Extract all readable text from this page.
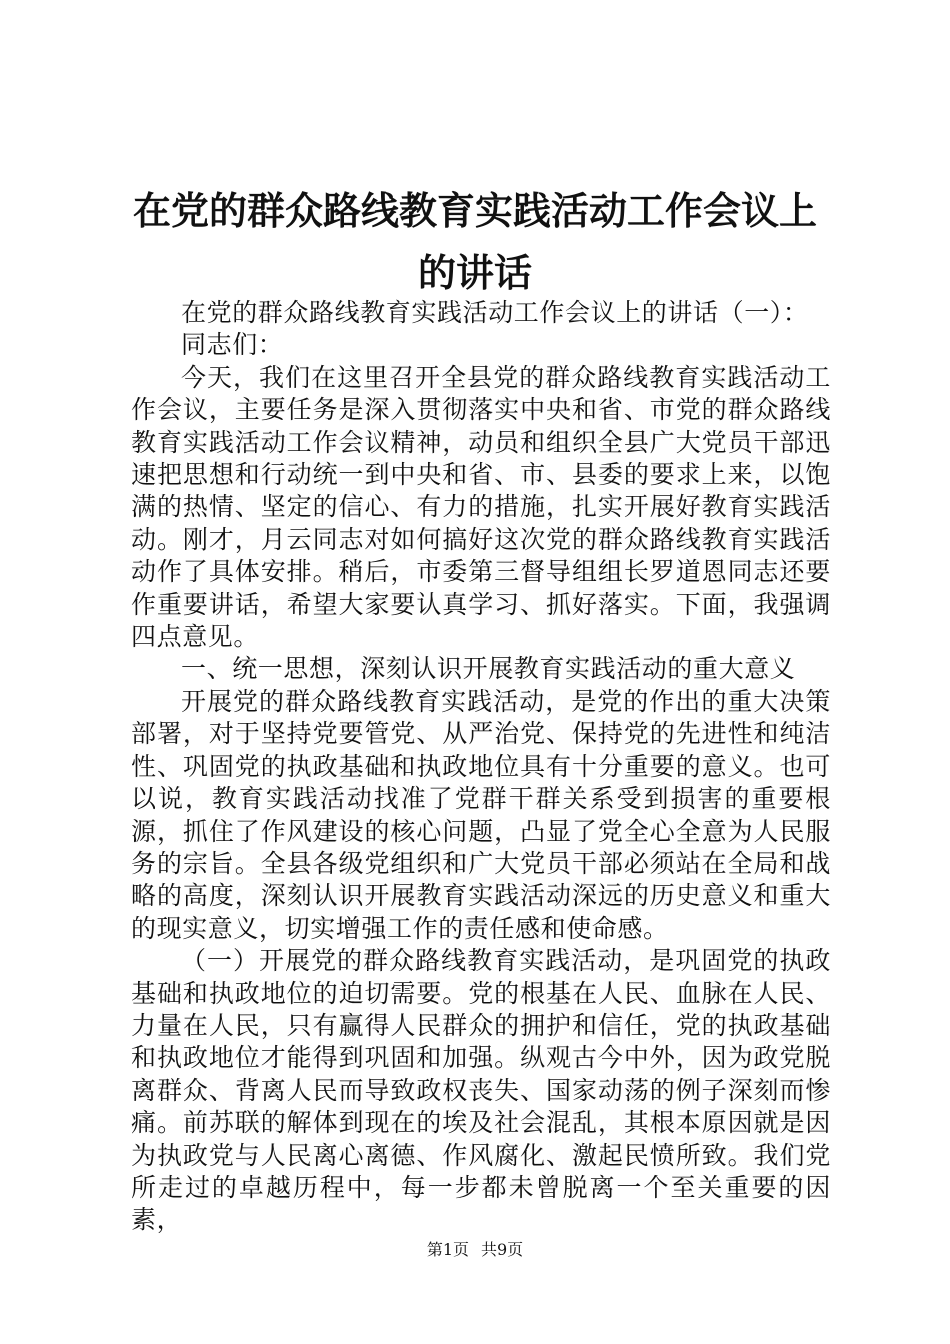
在党的群众路线教育实践活动工作会议上的讲话

在党的群众路线教育实践活动工作会议上的讲话（一）：

同志们：

今天，我们在这里召开全县党的群众路线教育实践活动工作会议，主要任务是深入贯彻落实中央和省、市党的群众路线教育实践活动工作会议精神，动员和组织全县广大党员干部迅速把思想和行动统一到中央和省、市、县委的要求上来，以饱满的热情、坚定的信心、有力的措施，扎实开展好教育实践活动。刚才，月云同志对如何搞好这次党的群众路线教育实践活动作了具体安排。稍后，市委第三督导组组长罗道恩同志还要作重要讲话，希望大家要认真学习、抓好落实。下面，我强调四点意见。

一、统一思想，深刻认识开展教育实践活动的重大意义

开展党的群众路线教育实践活动，是党的作出的重大决策部署，对于坚持党要管党、从严治党、保持党的先进性和纯洁性、巩固党的执政基础和执政地位具有十分重要的意义。也可以说，教育实践活动找准了党群干群关系受到损害的重要根源，抓住了作风建设的核心问题，凸显了党全心全意为人民服务的宗旨。全县各级党组织和广大党员干部必须站在全局和战略的高度，深刻认识开展教育实践活动深远的历史意义和重大的现实意义，切实增强工作的责任感和使命感。

（一）开展党的群众路线教育实践活动，是巩固党的执政基础和执政地位的迫切需要。党的根基在人民、血脉在人民、力量在人民，只有赢得人民群众的拥护和信任，党的执政基础和执政地位才能得到巩固和加强。纵观古今中外，因为政党脱离群众、背离人民而导致政权丧失、国家动荡的例子深刻而惨痛。前苏联的解体到现在的埃及社会混乱，其根本原因就是因为执政党与人民离心离德、作风腐化、激起民愤所致。我们党所走过的卓越历程中，每一步都未曾脱离一个至关重要的因素，

第1页 共9页
